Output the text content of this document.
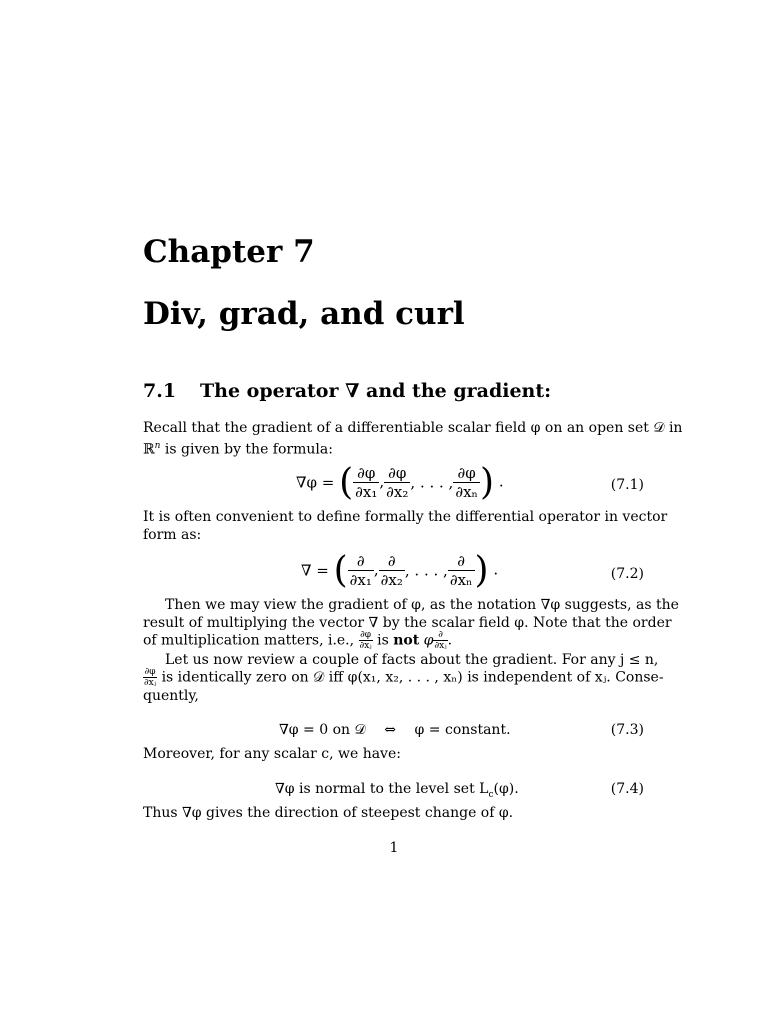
Chapter 7
Div, grad, and curl
7.1 The operator ∇ and the gradient:
Recall that the gradient of a differentiable scalar field φ on an open set 𝒟 in
ℝ$^n$ is given by the formula:
∇φ = ( $\frac{\partial\varphi}{\text{∂x₁}}$ , $\frac{\partial\varphi}{\text{∂x₂}}$ , . . . , $\frac{\partial\varphi}{\text{∂xₙ}}$ ) .	(7.1)
It is often convenient to define formally the differential operator in vector
form as:
∇ = ( $\frac{\partial}{\text{∂x₁}}$ , $\frac{\partial}{\text{∂x₂}}$ , . . . , $\frac{\partial}{\text{∂xₙ}}$ ) .	(7.2)
Then we may view the gradient of φ, as the notation ∇φ suggests, as the
result of multiplying the vector ∇ by the scalar field φ. Note that the order
of multiplication matters, i.e., $\frac{\partial\varphi}{\text{∂xⱼ}}$ is not φ ∂
∂xⱼ .
Let us now review a couple of facts about the gradient. For any j ≤ n,
$\frac{\partial\varphi}{\text{∂xⱼ}}$ is identically zero on 𝒟 iff φ(x₁, x₂, . . . , xₙ) is independent of xⱼ. Conse-
quently,
∇φ = 0 on 𝒟 ⇔ φ = constant.	(7.3)
Moreover, for any scalar c, we have:
∇φ is normal to the level set $L_c(\varphi)$.	(7.4)
Thus ∇φ gives the direction of steepest change of φ.
1
